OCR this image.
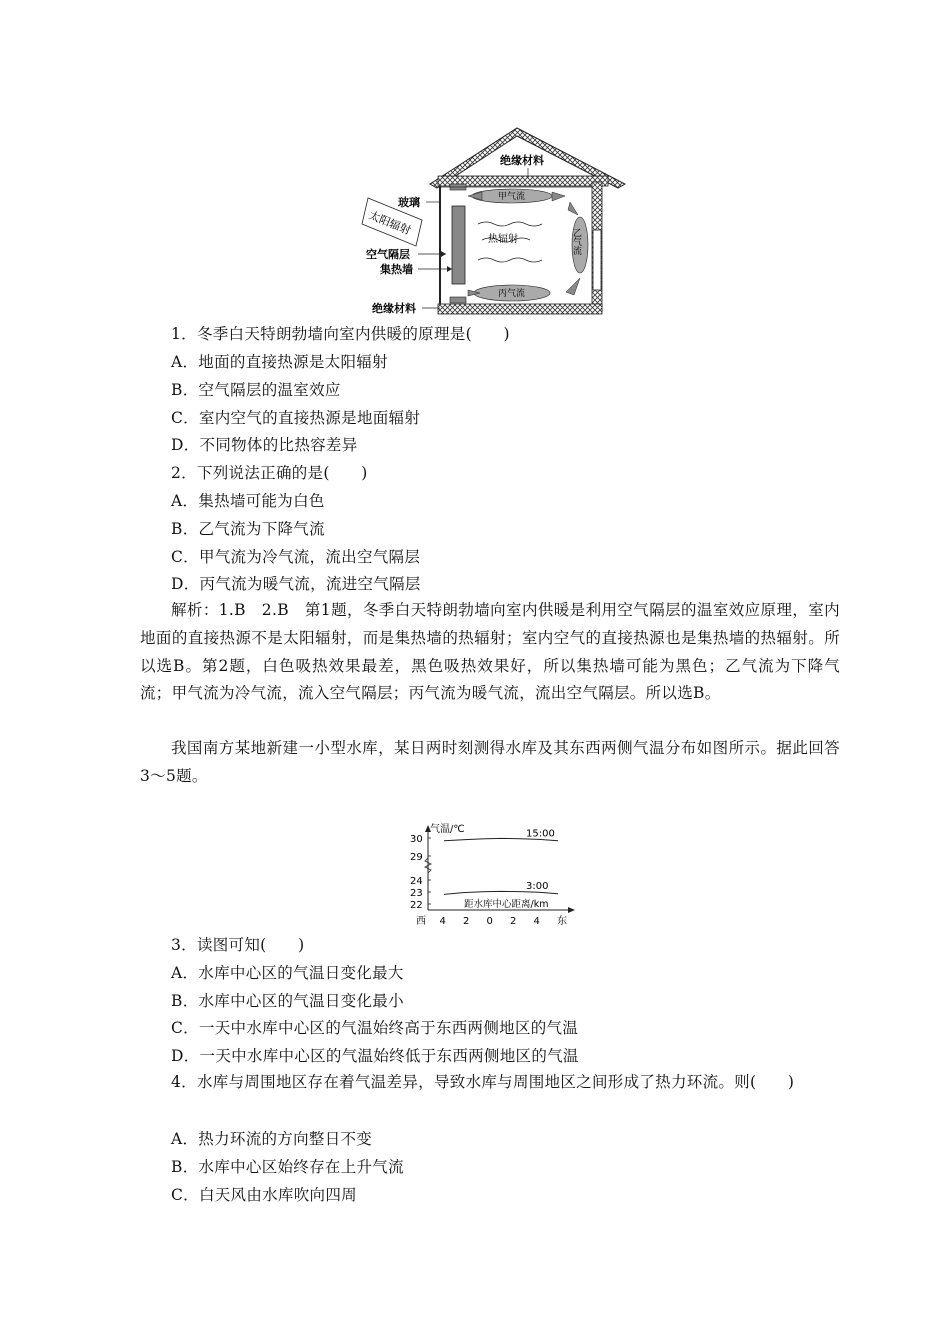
绝缘材料
玻璃
太阳辐射
空气隔层
集热墙
绝缘材料
甲气流
乙气流
丙气流
热辐射
1．冬季白天特朗勃墙向室内供暖的原理是(　　)
A．地面的直接热源是太阳辐射
B．空气隔层的温室效应
C．室内空气的直接热源是地面辐射
D．不同物体的比热容差异
2．下列说法正确的是(　　)
A．集热墙可能为白色
B．乙气流为下降气流
C．甲气流为冷气流，流出空气隔层
D．丙气流为暖气流，流进空气隔层
解析：1.B　2.B　第1题，冬季白天特朗勃墙向室内供暖是利用空气隔层的温室效应原理，室内地面的直接热源不是太阳辐射，而是集热墙的热辐射；室内空气的直接热源也是集热墙的热辐射。所以选B。第2题，白色吸热效果最差，黑色吸热效果好，所以集热墙可能为黑色；乙气流为下降气流；甲气流为冷气流，流入空气隔层；丙气流为暖气流，流出空气隔层。所以选B。
我国南方某地新建一小型水库，某日两时刻测得水库及其东西两侧气温分布如图所示。据此回答3～5题。
气温/℃
距水库中心距离/km
30
29
24
23
22
西 4 2 0 2 4 东
15:00
3:00
3．读图可知(　　)
A．水库中心区的气温日变化最大
B．水库中心区的气温日变化最小
C．一天中水库中心区的气温始终高于东西两侧地区的气温
D．一天中水库中心区的气温始终低于东西两侧地区的气温
4．水库与周围地区存在着气温差异，导致水库与周围地区之间形成了热力环流。则(　　)
A．热力环流的方向整日不变
B．水库中心区始终存在上升气流
C．白天风由水库吹向四周
